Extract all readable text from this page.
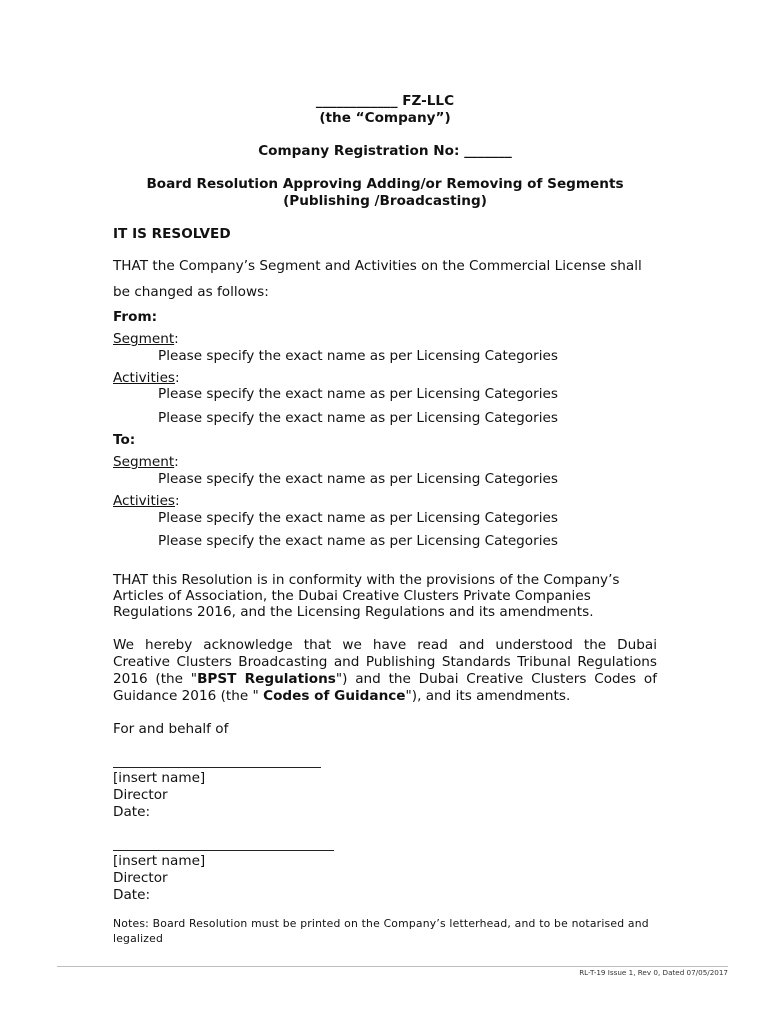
____________ FZ-LLC
(the “Company”)
Company Registration No: _______
Board Resolution Approving Adding/or Removing of Segments
(Publishing /Broadcasting)
IT IS RESOLVED
THAT the Company’s Segment and Activities on the Commercial License shall
be changed as follows:
From:
Segment:
Please specify the exact name as per Licensing Categories
Activities:
Please specify the exact name as per Licensing Categories
Please specify the exact name as per Licensing Categories
To:
Segment:
Please specify the exact name as per Licensing Categories
Activities:
Please specify the exact name as per Licensing Categories
Please specify the exact name as per Licensing Categories
THAT this Resolution is in conformity with the provisions of the Company’s
Articles of Association, the Dubai Creative Clusters Private Companies
Regulations 2016, and the Licensing Regulations and its amendments.
We hereby acknowledge that we have read and understood the Dubai
Creative Clusters Broadcasting and Publishing Standards Tribunal Regulations
2016 (the "BPST Regulations") and the Dubai Creative Clusters Codes of
Guidance 2016 (the " Codes of Guidance"), and its amendments.
For and behalf of
[insert name]
Director
Date:
[insert name]
Director
Date:
Notes: Board Resolution must be printed on the Company’s letterhead, and to be notarised and legalized
RL-T-19 Issue 1, Rev 0, Dated 07/05/2017
